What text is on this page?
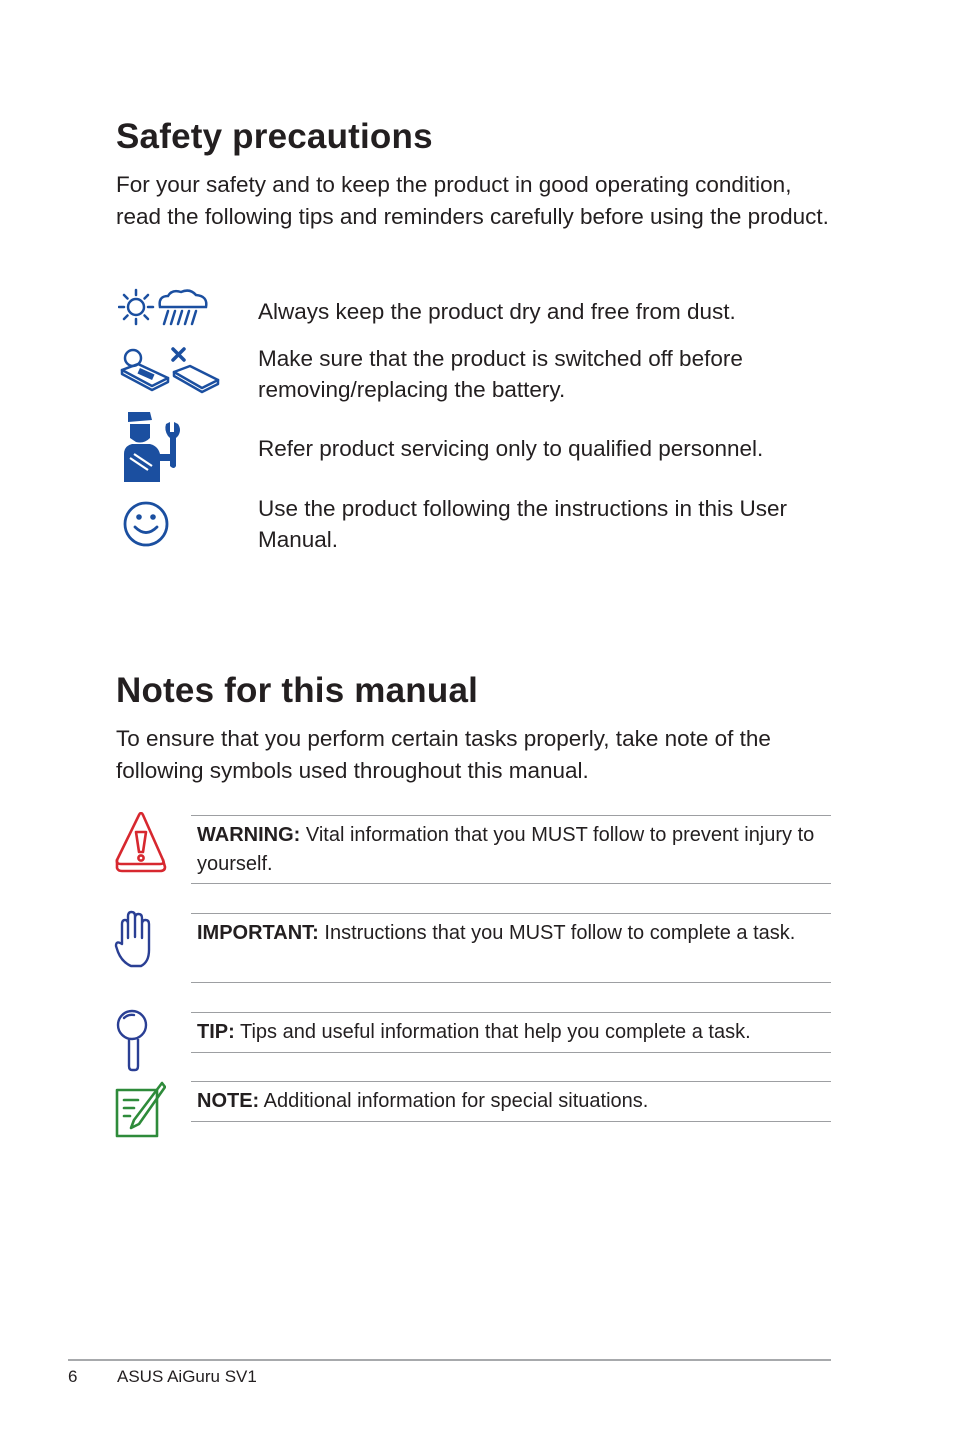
Safety precautions

For your safety and to keep the product in good operating condition, read the following tips and reminders carefully before using the product.

Always keep the product dry and free from dust.

Make sure that the product is switched off before removing/replacing the battery.

Refer product servicing only to qualified personnel.

Use the product following the instructions in this User Manual.

Notes for this manual

To ensure that you perform certain tasks properly, take note of the following symbols used throughout this manual.

WARNING: Vital information that you MUST follow to prevent injury to yourself.
IMPORTANT: Instructions that you MUST follow to complete a task.
TIP: Tips and useful information that help you complete a task.
NOTE: Additional information for special situations.
6 ASUS AiGuru SV1
